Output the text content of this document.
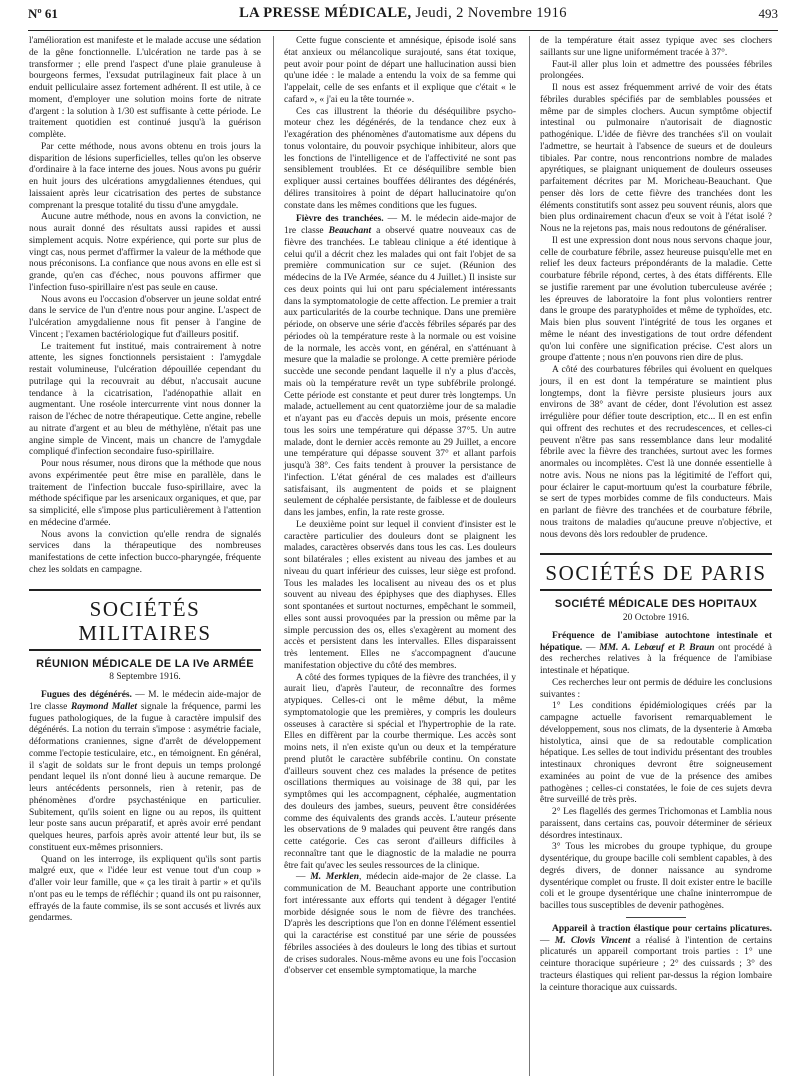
Nº 61	LA PRESSE MÉDICALE, Jeudi, 2 Novembre 1916	493

l'amélioration est manifeste et le malade accuse une sédation de la gêne fonctionnelle. L'ulcération ne tarde pas à se transformer ; elle prend l'aspect d'une plaie granuleuse à bourgeons fermes, l'exsudat putrilagineux fait place à un enduit pelliculaire assez fortement adhérent. Il est utile, à ce moment, d'employer une solution moins forte de nitrate d'argent : la solution à 1/30 est suffisante à cette période. Le traitement quotidien est continué jusqu'à la guérison complète.

Par cette méthode, nous avons obtenu en trois jours la disparition de lésions superficielles, telles qu'on les observe d'ordinaire à la face interne des joues. Nous avons pu guérir en huit jours des ulcérations amygdaliennes étendues, qui laissaient après leur cicatrisation des pertes de substance comprenant la presque totalité du tissu d'une amygdale.

Aucune autre méthode, nous en avons la conviction, ne nous aurait donné des résultats aussi rapides et aussi simplement acquis. Notre expérience, qui porte sur plus de vingt cas, nous permet d'affirmer la valeur de la méthode que nous préconisons. La confiance que nous avons en elle est si grande, qu'en cas d'échec, nous pouvons affirmer que l'infection fuso-spirillaire n'est pas seule en cause.

Nous avons eu l'occasion d'observer un jeune soldat entré dans le service de l'un d'entre nous pour angine. L'aspect de l'ulcération amygdalienne nous fit penser à l'angine de Vincent ; l'examen bactériologique fut d'ailleurs positif.

Le traitement fut institué, mais contrairement à notre attente, les signes fonctionnels persistaient : l'amygdale restait volumineuse, l'ulcération dépouillée cependant du putrilage qui la recouvrait au début, n'accusait aucune tendance à la cicatrisation, l'adénopathie allait en augmentant. Une roséole intercurrente vint nous donner la raison de l'échec de notre thérapeutique. Cette angine, rebelle au nitrate d'argent et au bleu de méthylène, n'était pas une angine simple de Vincent, mais un chancre de l'amygdale compliqué d'infection secondaire fuso-spirillaire.

Pour nous résumer, nous dirons que la méthode que nous avons expérimentée peut être mise en parallèle, dans le traitement de l'infection buccale fuso-spirillaire, avec la méthode spécifique par les arsenicaux organiques, et que, par sa simplicité, elle s'impose plus particulièrement à l'attention en médecine d'armée.

Nous avons la conviction qu'elle rendra de signalés services dans la thérapeutique des nombreuses manifestations de cette infection bucco-pharyngée, fréquente chez les soldats en campagne.

SOCIÉTÉS MILITAIRES
RÉUNION MÉDICALE DE LA IVe ARMÉE
8 Septembre 1916.

Fugues des dégénérés. — M. le médecin aide-major de 1re classe Raymond Mallet signale la fréquence, parmi les fugues pathologiques, de la fugue à caractère impulsif des dégénérés. La notion du terrain s'impose : asymétrie faciale, déformations craniennes, signe d'arrêt de développement comme l'ectopie testiculaire, etc., en témoignent. En général, il s'agit de soldats sur le front depuis un temps prolongé pendant lequel ils n'ont donné lieu à aucune remarque. De leurs antécédents personnels, rien à retenir, pas de phénomènes d'ordre psychasténique en particulier. Subitement, qu'ils soient en ligne ou au repos, ils quittent leur poste sans aucun préparatif, et après avoir erré pendant quelques heures, parfois après avoir attenté leur but, ils se constituent eux-mêmes prisonniers.

Quand on les interroge, ils expliquent qu'ils sont partis malgré eux, que « l'idée leur est venue tout d'un coup » d'aller voir leur famille, que « ça les tirait à partir » et qu'ils n'ont pas eu le temps de réfléchir ; quand ils ont pu raisonner, effrayés de la faute commise, ils se sont accusés et livrés aux gendarmes.

Cette fugue consciente et amnésique, épisode isolé sans état anxieux ou mélancolique surajouté, sans état toxique, peut avoir pour point de départ une hallucination aussi bien qu'une idée : le malade a entendu la voix de sa femme qui l'appelait, celle de ses enfants et il explique que c'était « le cafard », « j'ai eu la tête tournée ».

Ces cas illustrent la théorie du déséquilibre psycho-moteur chez les dégénérés, de la tendance chez eux à l'exagération des phénomènes d'automatisme aux dépens du tonus volontaire, du pouvoir psychique inhibiteur, alors que les fonctions de l'intelligence et de l'affectivité ne sont pas sensiblement troublées. Et ce déséquilibre semble bien expliquer aussi certaines bouffées délirantes des dégénérés, délires transitoires à point de départ hallucinatoire qu'on constate dans les mêmes conditions que les fugues.

Fièvre des tranchées. — M. le médecin aide-major de 1re classe Beauchant a observé quatre nouveaux cas de fièvre des tranchées. Le tableau clinique a été identique à celui qu'il a décrit chez les malades qui ont fait l'objet de sa première communication sur ce sujet. (Réunion des médecins de la IVe Armée, séance du 4 Juillet.) Il insiste sur ces deux points qui lui ont paru spécialement intéressants dans la symptomatologie de cette affection. Le premier a trait aux particularités de la courbe technique. Dans une première période, on observe une série d'accès fébriles séparés par des périodes où la température reste à la normale ou est voisine de la normale, les accès vont, en général, en s'atténuant à mesure que la maladie se prolonge. A cette première période succède une seconde pendant laquelle il n'y a plus d'accès, mais où la température revêt un type subfébrile prolongé. Cette période est constante et peut durer très longtemps. Un malade, actuellement au cent quatorzième jour de sa maladie et n'ayant pas eu d'accès depuis un mois, présente encore tous les soirs une température qui dépasse 37°5. Un autre malade, dont le dernier accès remonte au 29 Juillet, a encore une température qui dépasse souvent 37° et allant parfois jusqu'à 38°. Ces faits tendent à prouver la persistance de l'infection. L'état général de ces malades est d'ailleurs satisfaisant, ils augmentent de poids et se plaignent seulement de céphalée persistante, de faiblesse et de douleurs dans les jambes, enfin, la rate reste grosse.

Le deuxième point sur lequel il convient d'insister est le caractère particulier des douleurs dont se plaignent les malades, caractères observés dans tous les cas. Les douleurs sont bilatérales ; elles existent au niveau des jambes et au niveau du quart inférieur des cuisses, leur siège est profond. Tous les malades les localisent au niveau des os et plus souvent au niveau des épiphyses que des diaphyses. Elles sont spontanées et surtout nocturnes, empêchant le sommeil, elles sont aussi provoquées par la pression ou même par la simple percussion des os, elles s'exagèrent au moment des accès et persistent dans les intervalles. Elles disparaissent très lentement. Elles ne s'accompagnent d'aucune manifestation objective du côté des membres.

A côté des formes typiques de la fièvre des tranchées, il y aurait lieu, d'après l'auteur, de reconnaître des formes atypiques. Celles-ci ont le même début, la même symptomatologie que les premières, y compris les douleurs osseuses à caractère si spécial et l'hypertrophie de la rate. Elles en diffèrent par la courbe thermique. Les accès sont moins nets, il n'en existe qu'un ou deux et la température prend plutôt le caractère subfébrile continu. On constate d'ailleurs souvent chez ces malades la présence de petites oscillations thermiques au voisinage de 38 qui, par les symptômes qui les accompagnent, céphalée, augmentation des douleurs des jambes, sueurs, peuvent être considérées comme des équivalents des grands accès. L'auteur présente les observations de 9 malades qui peuvent être rangés dans cette catégorie. Ces cas seront d'ailleurs difficiles à reconnaître tant que le diagnostic de la maladie ne pourra être fait qu'avec les seules ressources de la clinique.

— M. Merklen, médecin aide-major de 2e classe. La communication de M. Beauchant apporte une contribution fort intéressante aux efforts qui tendent à dégager l'entité morbide désignée sous le nom de fièvre des tranchées. D'après les descriptions que l'on en donne l'élément essentiel qui la caractérise est constitué par une série de poussées fébriles associées à des douleurs le long des tibias et surtout de crises sudorales. Nous-même avons eu une fois l'occasion d'observer cet ensemble symptomatique, la marche

de la température était assez typique avec ses clochers saillants sur une ligne uniformément tracée à 37°.

Faut-il aller plus loin et admettre des poussées fébriles prolongées.

Il nous est assez fréquemment arrivé de voir des états fébriles durables spécifiés par de semblables poussées et même par de simples clochers. Aucun symptôme objectif intestinal ou pulmonaire n'autorisait de diagnostic pathogénique. L'idée de fièvre des tranchées s'il on voulait l'admettre, se heurtait à l'absence de sueurs et de douleurs tibiales. Par contre, nous rencontrions nombre de malades apyrétiques, se plaignant uniquement de douleurs osseuses parfaitement décrites par M. Moricheau-Beauchant. Que penser dès lors de cette fièvre des tranchées dont les éléments constitutifs sont assez peu souvent réunis, alors que bien plus ordinairement chacun d'eux se voit à l'état isolé ? Nous ne la rejetons pas, mais nous redoutons de généraliser.

Il est une expression dont nous nous servons chaque jour, celle de courbature fébrile, assez heureuse puisqu'elle met en relief les deux facteurs prépondérants de la maladie. Cette courbature fébrile répond, certes, à des états différents. Elle se justifie rarement par une évolution tuberculeuse avérée ; les épreuves de laboratoire la font plus volontiers rentrer dans le groupe des paratyphoïdes et même de typhoïdes, etc. Mais bien plus souvent l'intégrité de tous les organes et même le néant des investigations de tout ordre défendent qu'on lui confère une signification précise. C'est alors un groupe d'attente ; nous n'en pouvons rien dire de plus.

A côté des courbatures fébriles qui évoluent en quelques jours, il en est dont la température se maintient plus longtemps, dont la fièvre persiste plusieurs jours aux environs de 38° avant de céder, dont l'évolution est assez irrégulière pour défier toute description, etc... Il en est enfin qui offrent des rechutes et des recrudescences, et celles-ci peuvent n'être pas sans ressemblance dans leur modalité fébrile avec la fièvre des tranchées, surtout avec les formes anormales ou incomplètes. C'est là une donnée essentielle à notre avis. Nous ne nions pas la légitimité de l'effort qui, pour éclairer le caput-mortuum qu'est la courbature fébrile, se sert de types morbides comme de fils conducteurs. Mais en parlant de fièvre des tranchées et de courbature fébrile, nous traitons de maladies qu'aucune preuve n'objective, et nous devons dès lors redoubler de prudence.

SOCIÉTÉS DE PARIS
SOCIÉTÉ MÉDICALE DES HOPITAUX
20 Octobre 1916.

Fréquence de l'amibiase autochtone intestinale et hépatique. — MM. A. Lebœuf et P. Braun ont procédé à des recherches relatives à la fréquence de l'amibiase intestinale et hépatique.

Ces recherches leur ont permis de déduire les conclusions suivantes :

1° Les conditions épidémiologiques créés par la campagne actuelle favorisent remarquablement le développement, sous nos climats, de la dysenterie à Amœba histolytica, ainsi que de sa redoutable complication hépatique. Les selles de tout individu présentant des troubles intestinaux chroniques devront être soigneusement examinées au point de vue de la présence des amibes pathogènes ; celles-ci constatées, le foie de ces sujets devra être surveillé de très près.

2° Les flagellés des germes Trichomonas et Lamblia nous paraissent, dans certains cas, pouvoir déterminer de sérieux désordres intestinaux.

3° Tous les microbes du groupe typhique, du groupe dysentérique, du groupe bacille coli semblent capables, à des degrés divers, de donner naissance au syndrome dysentérique complet ou fruste. Il doit exister entre le bacille coli et le groupe dysentérique une chaîne ininterrompue de bacilles tous susceptibles de devenir pathogènes.

Appareil à traction élastique pour certains plicatures. — M. Clovis Vincent a réalisé à l'intention de certains plicaturés un appareil comportant trois parties : 1° une ceinture thoracique supérieure ; 2° des cuissards ; 3° des tracteurs élastiques qui relient par-dessus la région lombaire la ceinture thoracique aux cuissards.
